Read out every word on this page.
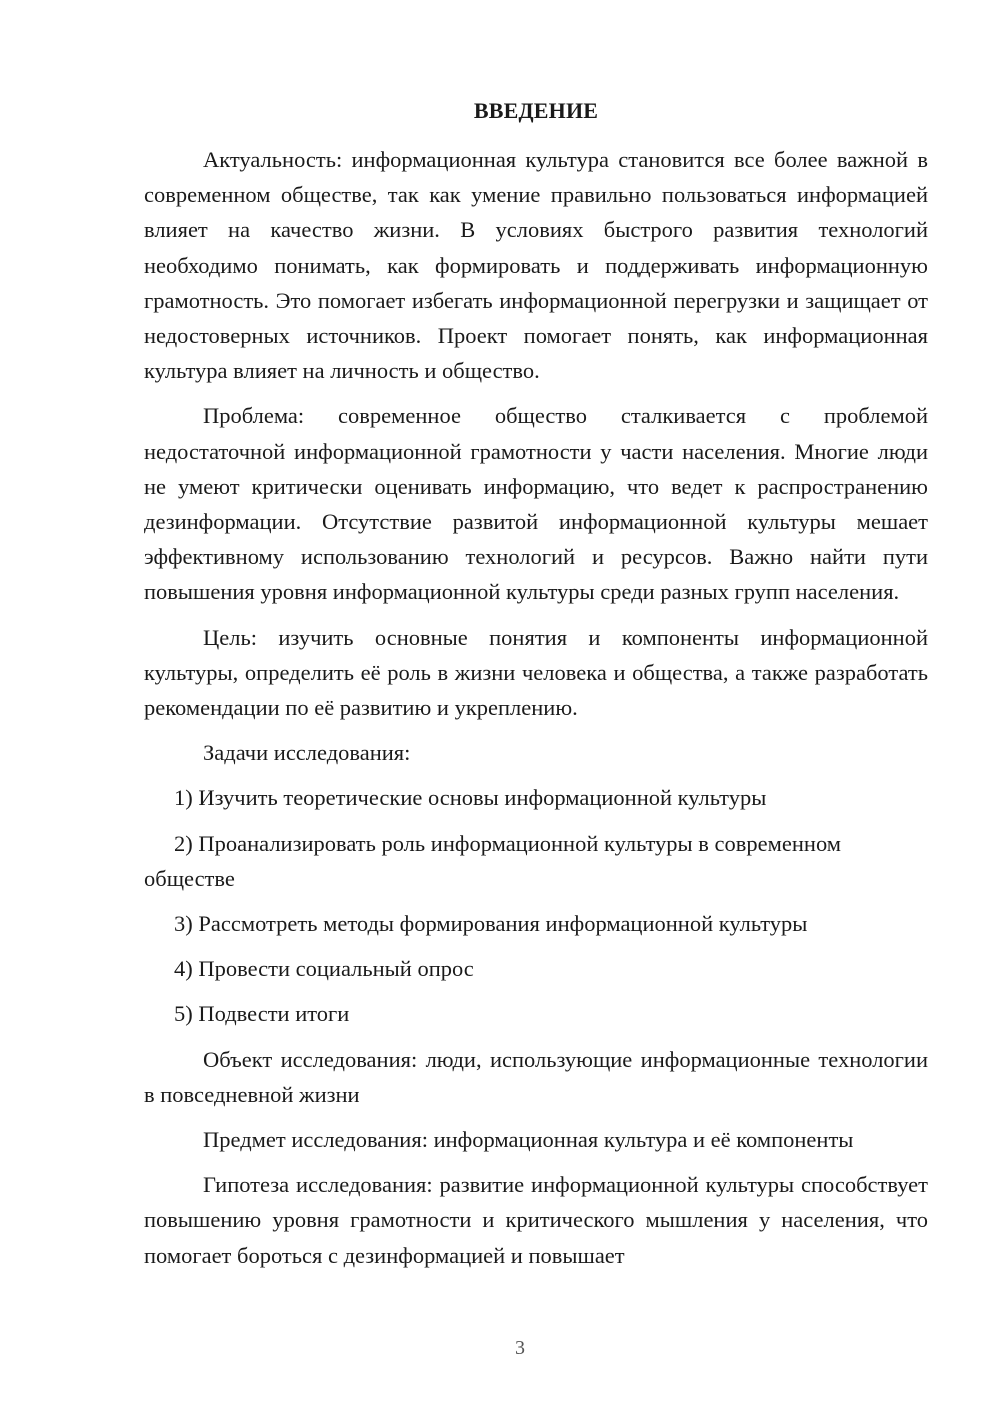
ВВЕДЕНИЕ

Актуальность: информационная культура становится все более важной в современном обществе, так как умение правильно пользоваться информацией влияет на качество жизни. В условиях быстрого развития технологий необходимо понимать, как формировать и поддерживать информационную грамотность. Это помогает избегать информационной перегрузки и защищает от недостоверных источников. Проект помогает понять, как информационная культура влияет на личность и общество.

Проблема: современное общество сталкивается с проблемой недостаточной информационной грамотности у части населения. Многие люди не умеют критически оценивать информацию, что ведет к распространению дезинформации. Отсутствие развитой информационной культуры мешает эффективному использованию технологий и ресурсов. Важно найти пути повышения уровня информационной культуры среди разных групп населения.

Цель: изучить основные понятия и компоненты информационной культуры, определить её роль в жизни человека и общества, а также разработать рекомендации по её развитию и укреплению.

Задачи исследования:

1) Изучить теоретические основы информационной культуры

2) Проанализировать роль информационной культуры в современном обществе

3) Рассмотреть методы формирования информационной культуры

4) Провести социальный опрос

5) Подвести итоги

Объект исследования: люди, использующие информационные технологии в повседневной жизни

Предмет исследования: информационная культура и её компоненты

Гипотеза исследования: развитие информационной культуры способствует повышению уровня грамотности и критического мышления у населения, что помогает бороться с дезинформацией и повышает

3
